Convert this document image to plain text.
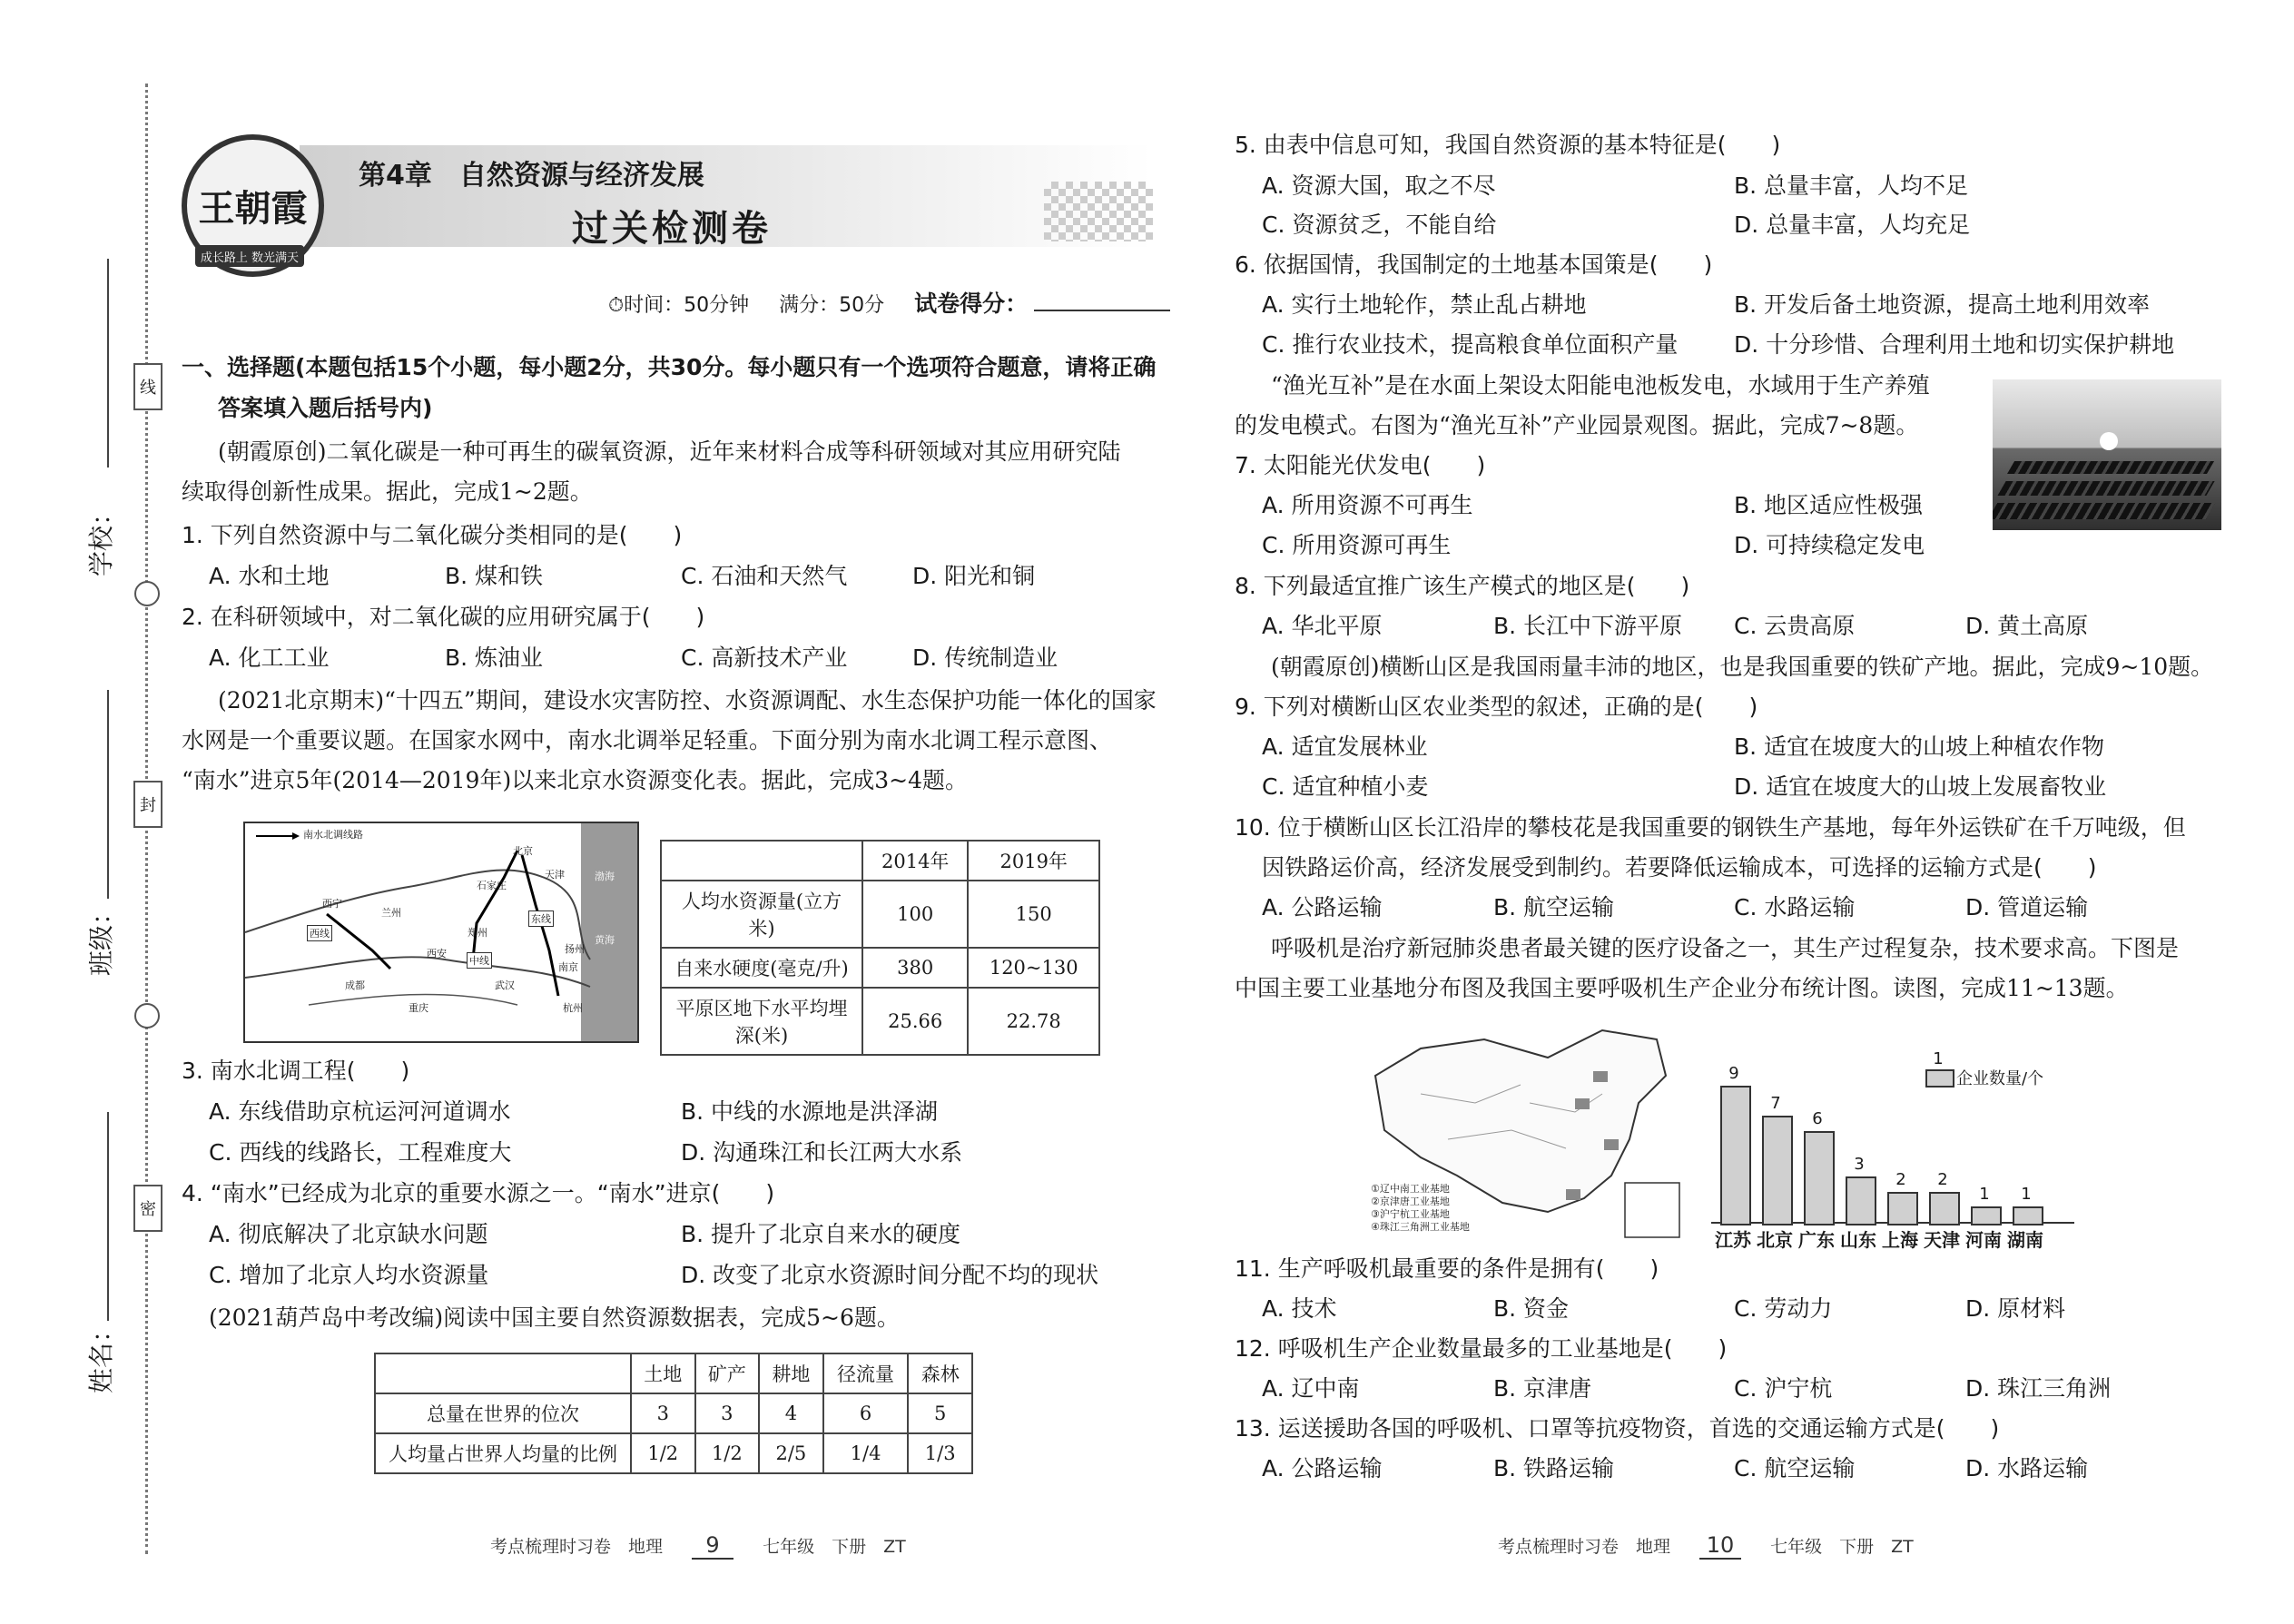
线
封
密
学校：
班级：
姓名：
王朝霞
成长路上 数光满天
第4章　自然资源与经济发展
过关检测卷
⏱时间：50分钟 满分：50分 试卷得分：
一、选择题(本题包括15个小题，每小题2分，共30分。每小题只有一个选项符合题意，请将正确
答案填入题后括号内)
(朝霞原创)二氧化碳是一种可再生的碳氧资源，近年来材料合成等科研领域对其应用研究陆
续取得创新性成果。据此，完成1~2题。
1. 下列自然资源中与二氧化碳分类相同的是(　　)
A. 水和土地	B. 煤和铁	C. 石油和天然气	D. 阳光和铜
2. 在科研领域中，对二氧化碳的应用研究属于(　　)
A. 化工工业	B. 炼油业	C. 高新技术产业	D. 传统制造业
(2021北京期末)“十四五”期间，建设水灾害防控、水资源调配、水生态保护功能一体化的国家
水网是一个重要议题。在国家水网中，南水北调举足轻重。下面分别为南水北调工程示意图、
“南水”进京5年(2014—2019年)以来北京水资源变化表。据此，完成3~4题。
南水北调线路
北京
天津
石家庄
郑州
南京
扬州
杭州
武汉
西宁
兰州
西安
成都
重庆
西线
中线
东线
渤海
黄海
	2014年	2019年
人均水资源量(立方米)	100	150
自来水硬度(毫克/升)	380	120~130
平原区地下水平均埋深(米)	25.66	22.78
3. 南水北调工程(　　)
A. 东线借助京杭运河河道调水	B. 中线的水源地是洪泽湖
C. 西线的线路长，工程难度大	D. 沟通珠江和长江两大水系
4. “南水”已经成为北京的重要水源之一。“南水”进京(　　)
A. 彻底解决了北京缺水问题	B. 提升了北京自来水的硬度
C. 增加了北京人均水资源量	D. 改变了北京水资源时间分配不均的现状
(2021葫芦岛中考改编)阅读中国主要自然资源数据表，完成5~6题。
	土地	矿产	耕地	径流量	森林
总量在世界的位次	3	3	4	6	5
人均量占世界人均量的比例	1/2	1/2	2/5	1/4	1/3
考点梳理时习卷　地理 9 七年级　下册　ZT
5. 由表中信息可知，我国自然资源的基本特征是(　　)
A. 资源大国，取之不尽	B. 总量丰富，人均不足
C. 资源贫乏，不能自给	D. 总量丰富，人均充足
6. 依据国情，我国制定的土地基本国策是(　　)
A. 实行土地轮作，禁止乱占耕地	B. 开发后备土地资源，提高土地利用效率
C. 推行农业技术，提高粮食单位面积产量 D. 十分珍惜、合理利用土地和切实保护耕地
“渔光互补”是在水面上架设太阳能电池板发电，水域用于生产养殖
的发电模式。右图为“渔光互补”产业园景观图。据此，完成7~8题。
7. 太阳能光伏发电(　　)
A. 所用资源不可再生	B. 地区适应性极强
C. 所用资源可再生	D. 可持续稳定发电
8. 下列最适宜推广该生产模式的地区是(　　)
A. 华北平原	B. 长江中下游平原 C. 云贵高原	D. 黄土高原
(朝霞原创)横断山区是我国雨量丰沛的地区，也是我国重要的铁矿产地。据此，完成9~10题。
9. 下列对横断山区农业类型的叙述，正确的是(　　)
A. 适宜发展林业	B. 适宜在坡度大的山坡上种植农作物
C. 适宜种植小麦	D. 适宜在坡度大的山坡上发展畜牧业
10. 位于横断山区长江沿岸的攀枝花是我国重要的钢铁生产基地，每年外运铁矿在千万吨级，但
因铁路运价高，经济发展受到制约。若要降低运输成本，可选择的运输方式是(　　)
A. 公路运输	B. 航空运输	C. 水路运输	D. 管道运输
呼吸机是治疗新冠肺炎患者最关键的医疗设备之一，其生产过程复杂，技术要求高。下图是
中国主要工业基地分布图及我国主要呼吸机生产企业分布统计图。读图，完成11~13题。
①辽中南工业基地
②京津唐工业基地
③沪宁杭工业基地
④珠江三角洲工业基地
1
企业数量/个
江苏 北京 广东 山东 上海 天津 河南 湖南
9
7
6
3
2	2
1	1
11. 生产呼吸机最重要的条件是拥有(　　)
A. 技术	B. 资金	C. 劳动力	D. 原材料
12. 呼吸机生产企业数量最多的工业基地是(　　)
A. 辽中南	B. 京津唐	C. 沪宁杭	D. 珠江三角洲
13. 运送援助各国的呼吸机、口罩等抗疫物资，首选的交通运输方式是(　　)
A. 公路运输	B. 铁路运输	C. 航空运输	D. 水路运输
考点梳理时习卷　地理 10 七年级　下册　ZT
